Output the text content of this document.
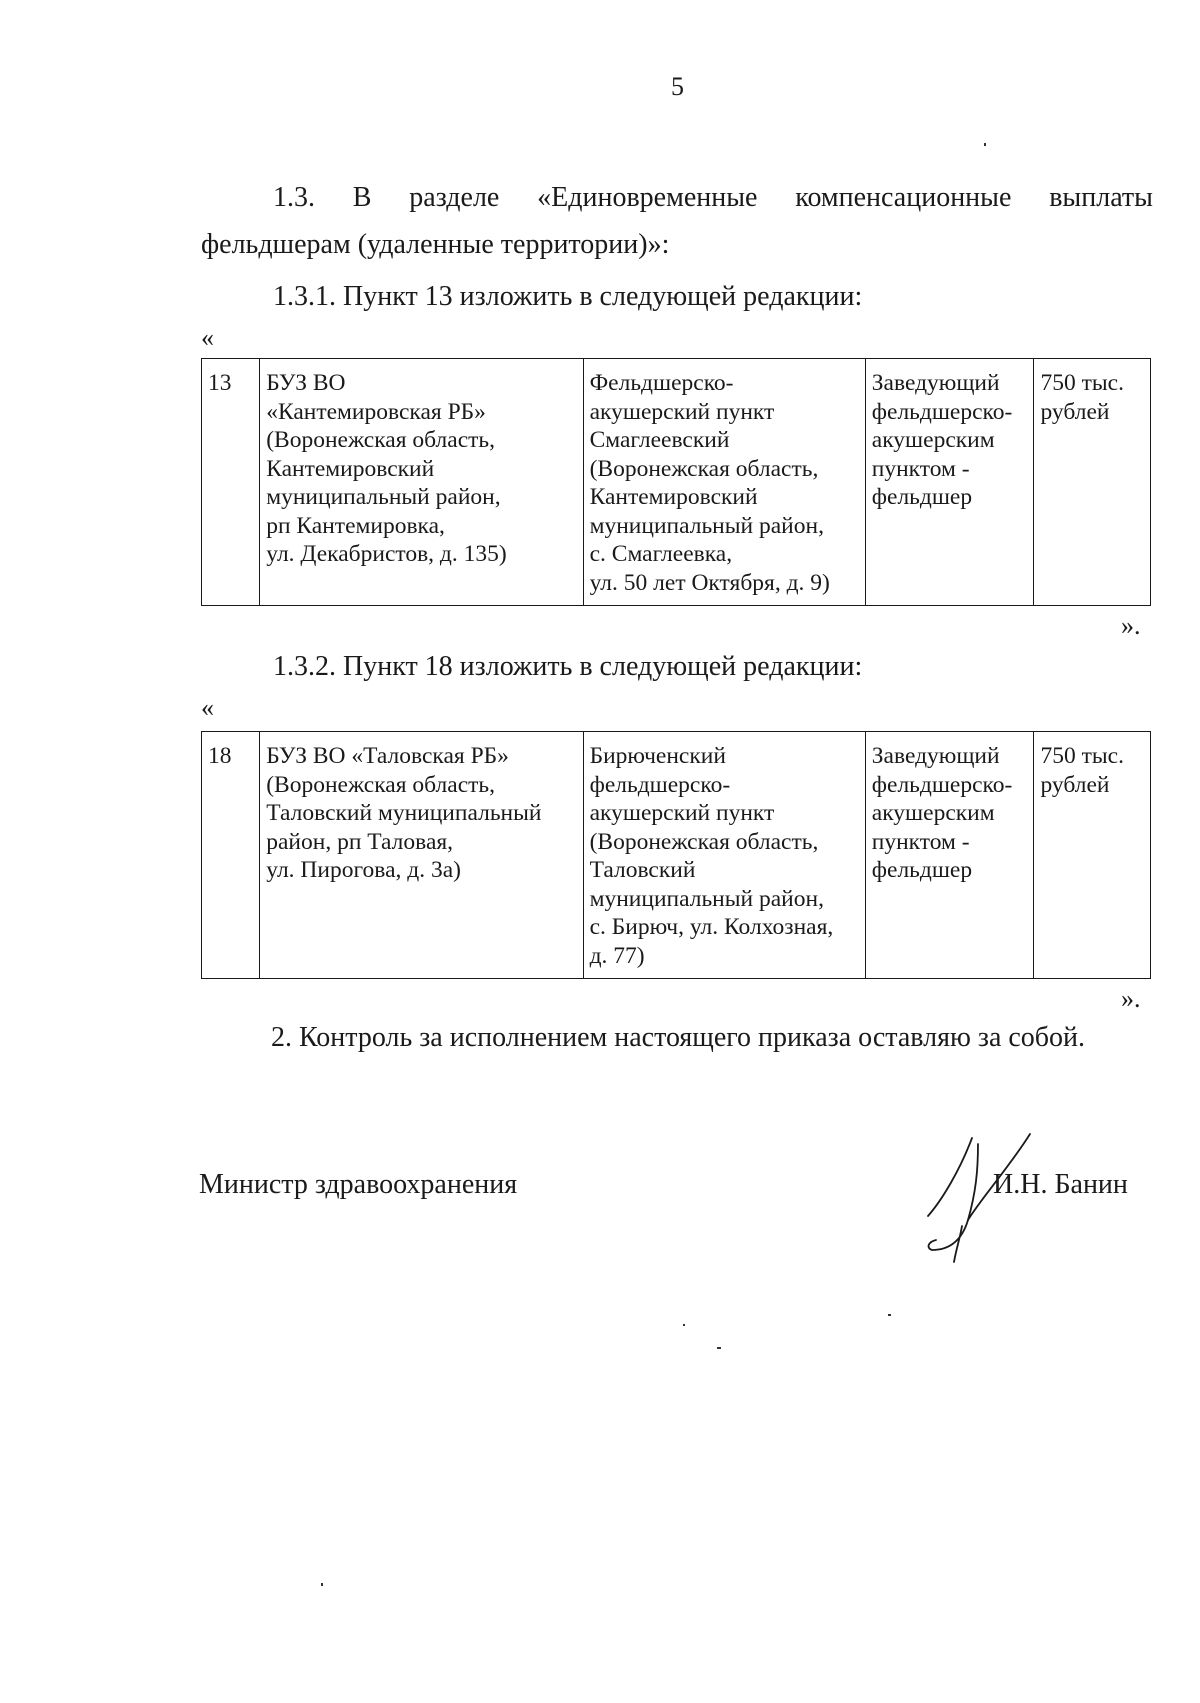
5
1.3. В разделе «Единовременные компенсационные выплаты
фельдшерам (удаленные территории)»:
1.3.1. Пункт 13 изложить в следующей редакции:
«
13	БУЗ ВО
«Кантемировская РБ»
(Воронежская область,
Кантемировский
муниципальный район,
рп Кантемировка,
ул. Декабристов, д. 135)	Фельдшерско-
акушерский пункт
Смаглеевский
(Воронежская область,
Кантемировский
муниципальный район,
с. Смаглеевка,
ул. 50 лет Октября, д. 9)	Заведующий
фельдшерско-
акушерским
пунктом -
фельдшер	750 тыс.
рублей
».
1.3.2. Пункт 18 изложить в следующей редакции:
«
18	БУЗ ВО «Таловская РБ»
(Воронежская область,
Таловский муниципальный
район, рп Таловая,
ул. Пирогова, д. 3а)	Бирюченский
фельдшерско-
акушерский пункт
(Воронежская область,
Таловский
муниципальный район,
с. Бирюч, ул. Колхозная,
д. 77)	Заведующий
фельдшерско-
акушерским
пунктом -
фельдшер	750 тыс.
рублей
».
2. Контроль за исполнением настоящего приказа оставляю за собой.
Министр здравоохранения	И.Н. Банин
